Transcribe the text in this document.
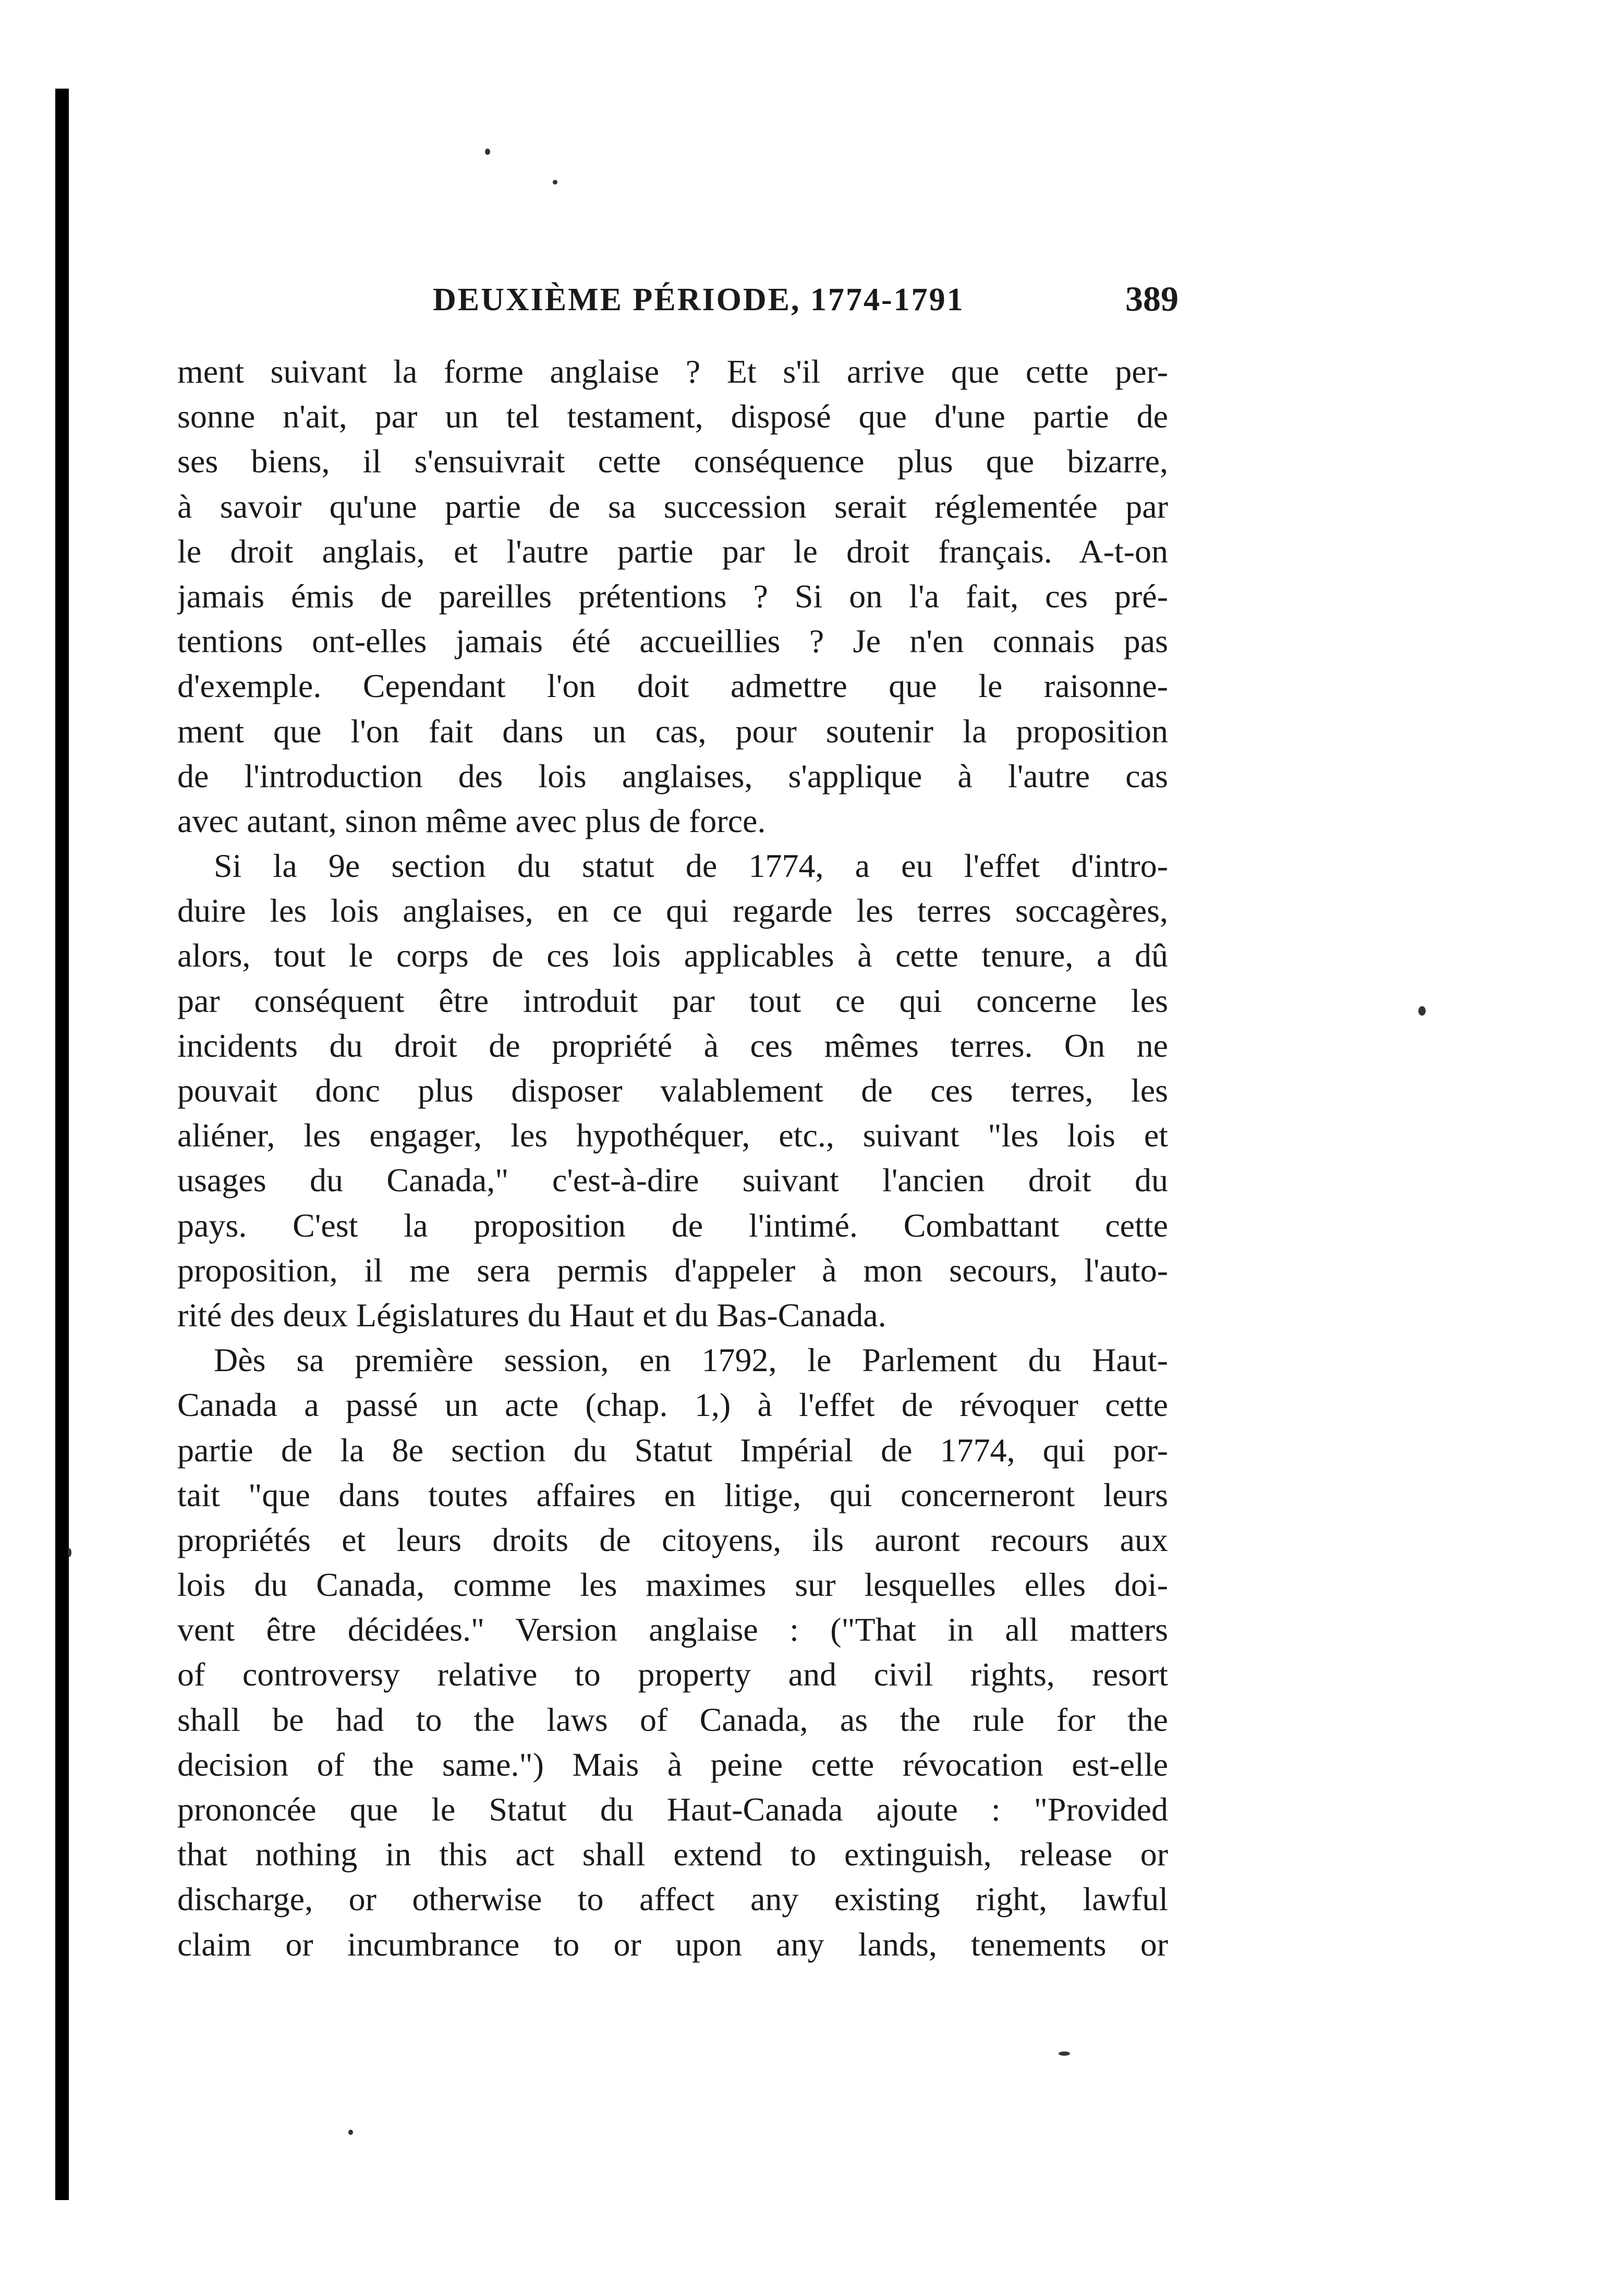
DEUXIÈME PÉRIODE, 1774-1791	389
ment suivant la forme anglaise ? Et s'il arrive que cette per-
sonne n'ait, par un tel testament, disposé que d'une partie de
ses biens, il s'ensuivrait cette conséquence plus que bizarre,
à savoir qu'une partie de sa succession serait réglementée par
le droit anglais, et l'autre partie par le droit français. A-t-on
jamais émis de pareilles prétentions ? Si on l'a fait, ces pré-
tentions ont-elles jamais été accueillies ? Je n'en connais pas
d'exemple. Cependant l'on doit admettre que le raisonne-
ment que l'on fait dans un cas, pour soutenir la proposition
de l'introduction des lois anglaises, s'applique à l'autre cas
avec autant, sinon même avec plus de force.
Si la 9e section du statut de 1774, a eu l'effet d'intro-
duire les lois anglaises, en ce qui regarde les terres soccagères,
alors, tout le corps de ces lois applicables à cette tenure, a dû
par conséquent être introduit par tout ce qui concerne les
incidents du droit de propriété à ces mêmes terres. On ne
pouvait donc plus disposer valablement de ces terres, les
aliéner, les engager, les hypothéquer, etc., suivant "les lois et
usages du Canada," c'est-à-dire suivant l'ancien droit du
pays. C'est la proposition de l'intimé. Combattant cette
proposition, il me sera permis d'appeler à mon secours, l'auto-
rité des deux Législatures du Haut et du Bas-Canada.
Dès sa première session, en 1792, le Parlement du Haut-
Canada a passé un acte (chap. 1,) à l'effet de révoquer cette
partie de la 8e section du Statut Impérial de 1774, qui por-
tait "que dans toutes affaires en litige, qui concerneront leurs
propriétés et leurs droits de citoyens, ils auront recours aux
lois du Canada, comme les maximes sur lesquelles elles doi-
vent être décidées." Version anglaise : ("That in all matters
of controversy relative to property and civil rights, resort
shall be had to the laws of Canada, as the rule for the
decision of the same.") Mais à peine cette révocation est-elle
prononcée que le Statut du Haut-Canada ajoute : "Provided
that nothing in this act shall extend to extinguish, release or
discharge, or otherwise to affect any existing right, lawful
claim or incumbrance to or upon any lands, tenements or
